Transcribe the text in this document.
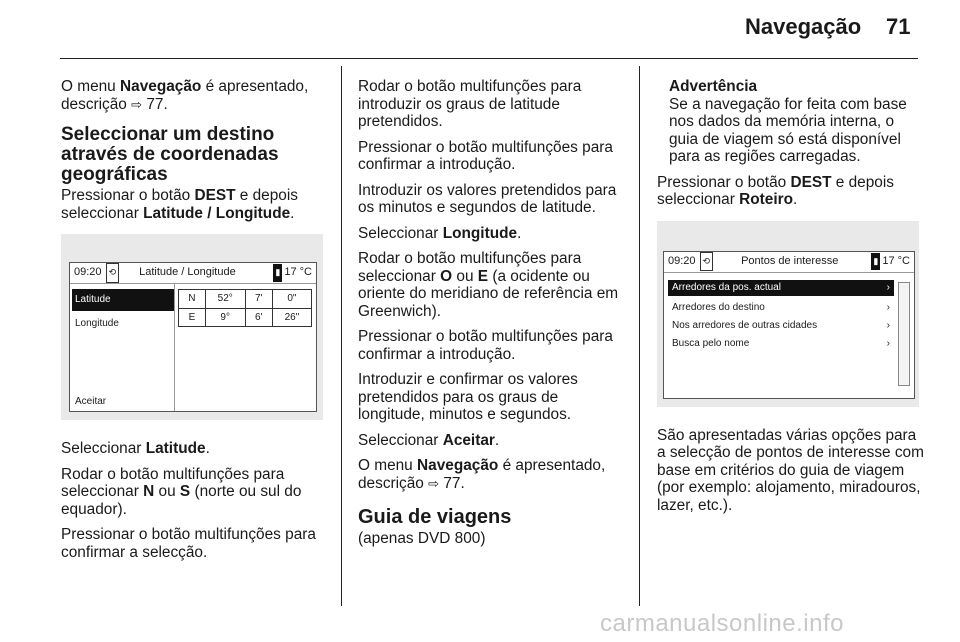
Navegação 71

O menu Navegação é apresentado, descrição ⇨ 77.

Seleccionar um destino através de coordenadas geográficas

Pressionar o botão DEST e depois seleccionar Latitude / Longitude.

09:20 ⟲ Latitude / Longitude	▮ 17 °C
Latitude
Longitude
Aceitar
N	52°	7'	0"
E	9°	6'	26"

Seleccionar Latitude.

Rodar o botão multifunções para seleccionar N ou S (norte ou sul do equador).

Pressionar o botão multifunções para confirmar a selecção.

Rodar o botão multifunções para introduzir os graus de latitude pretendidos.

Pressionar o botão multifunções para confirmar a introdução.

Introduzir os valores pretendidos para os minutos e segundos de latitude.

Seleccionar Longitude.

Rodar o botão multifunções para seleccionar O ou E (a ocidente ou oriente do meridiano de referência em Greenwich).

Pressionar o botão multifunções para confirmar a introdução.

Introduzir e confirmar os valores pretendidos para os graus de longitude, minutos e segundos.

Seleccionar Aceitar.

O menu Navegação é apresentado, descrição ⇨ 77.

Guia de viagens

(apenas DVD 800)

Advertência
Se a navegação for feita com base nos dados da memória interna, o guia de viagem só está disponível para as regiões carregadas.

Pressionar o botão DEST e depois seleccionar Roteiro.

09:20 ⟲	Pontos de interesse	▮ 17 °C
Arredores da pos. actual	›
Arredores do destino	›
Nos arredores de outras cidades	›
Busca pelo nome	›

São apresentadas várias opções para a selecção de pontos de interesse com base em critérios do guia de viagem (por exemplo: alojamento, miradouros, lazer, etc.).

carmanualsonline.info
